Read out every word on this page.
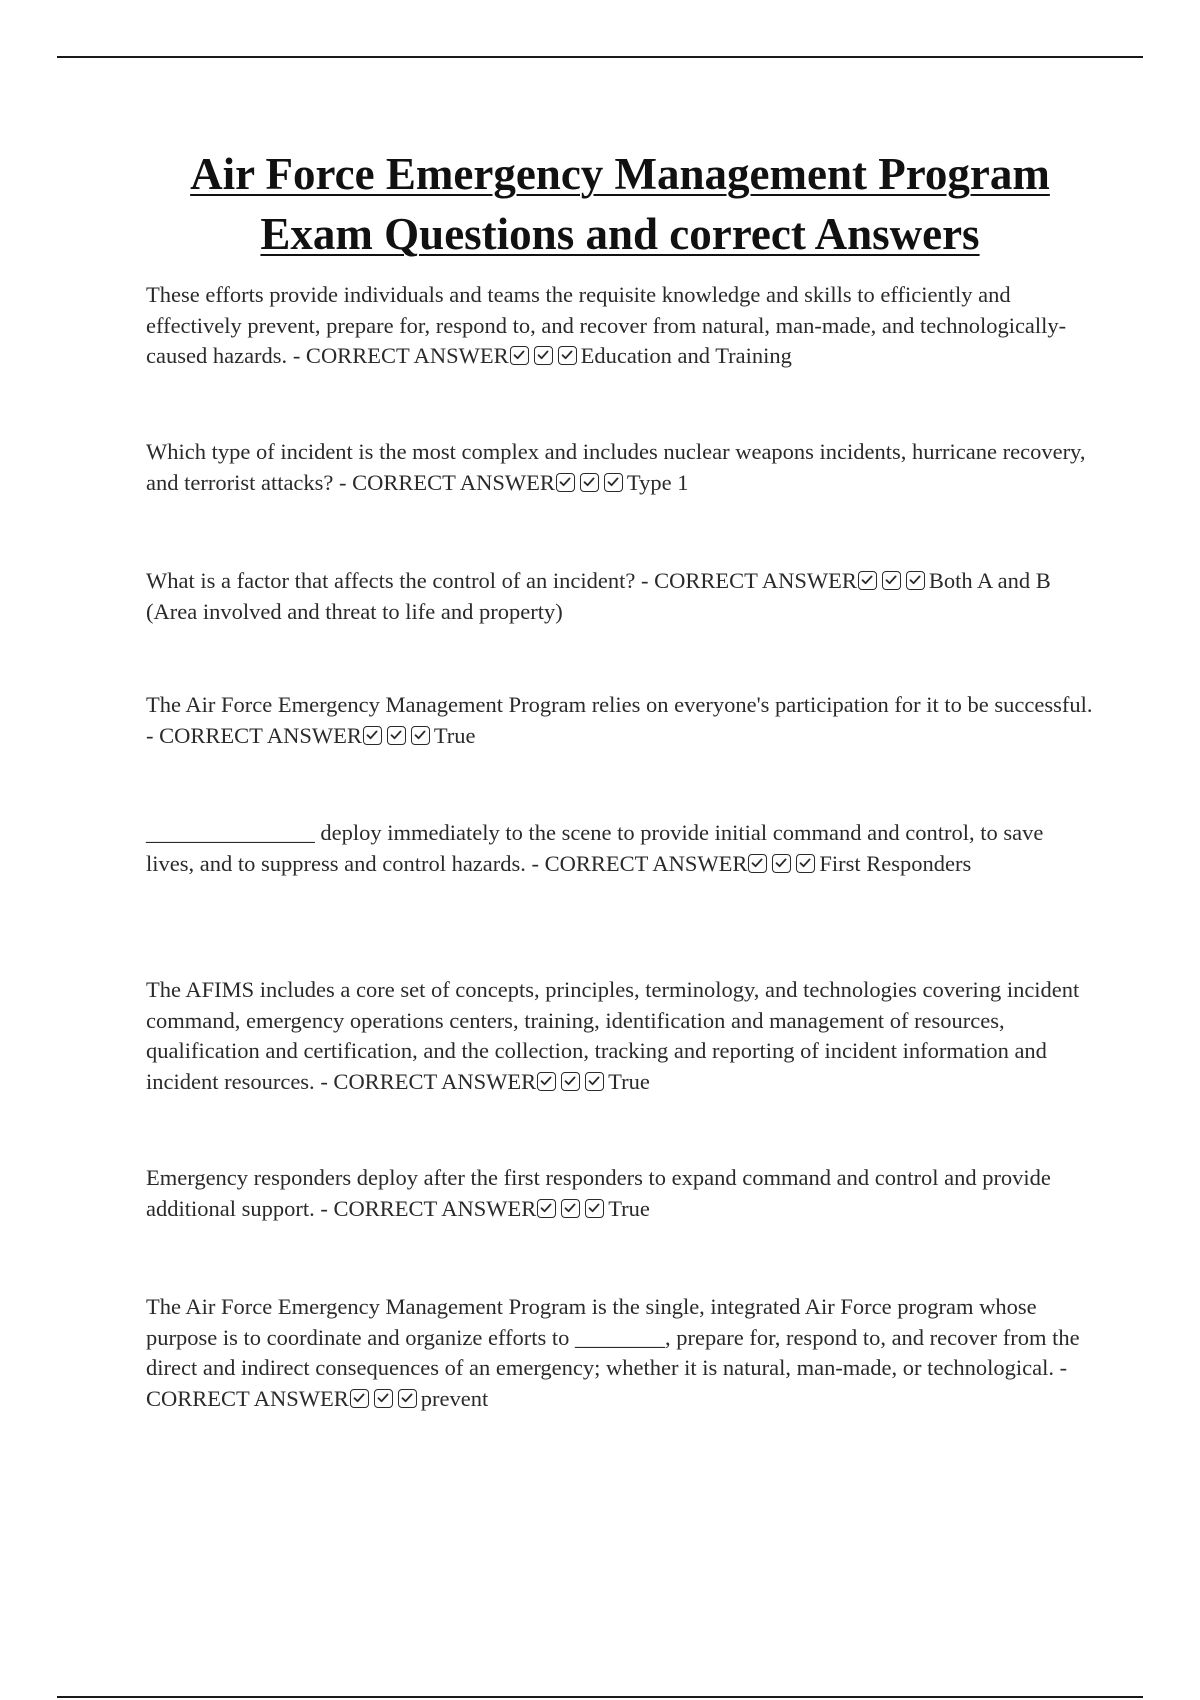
Air Force Emergency Management Program
Exam Questions and correct Answers

These efforts provide individuals and teams the requisite knowledge and skills to efficiently and effectively prevent, prepare for, respond to, and recover from natural, man-made, and technologically-caused hazards. - CORRECT ANSWER	Education and Training

Which type of incident is the most complex and includes nuclear weapons incidents, hurricane recovery, and terrorist attacks? - CORRECT ANSWER	Type 1

What is a factor that affects the control of an incident? - CORRECT ANSWER	Both A and B (Area involved and threat to life and property)

The Air Force Emergency Management Program relies on everyone's participation for it to be successful. - CORRECT ANSWER	True

_______________ deploy immediately to the scene to provide initial command and control, to save lives, and to suppress and control hazards. - CORRECT ANSWER	First Responders

The AFIMS includes a core set of concepts, principles, terminology, and technologies covering incident command, emergency operations centers, training, identification and management of resources, qualification and certification, and the collection, tracking and reporting of incident information and incident resources. - CORRECT ANSWER	True

Emergency responders deploy after the first responders to expand command and control and provide additional support. - CORRECT ANSWER	True

The Air Force Emergency Management Program is the single, integrated Air Force program whose purpose is to coordinate and organize efforts to ________, prepare for, respond to, and recover from the direct and indirect consequences of an emergency; whether it is natural, man-made, or technological. - CORRECT ANSWER	prevent
